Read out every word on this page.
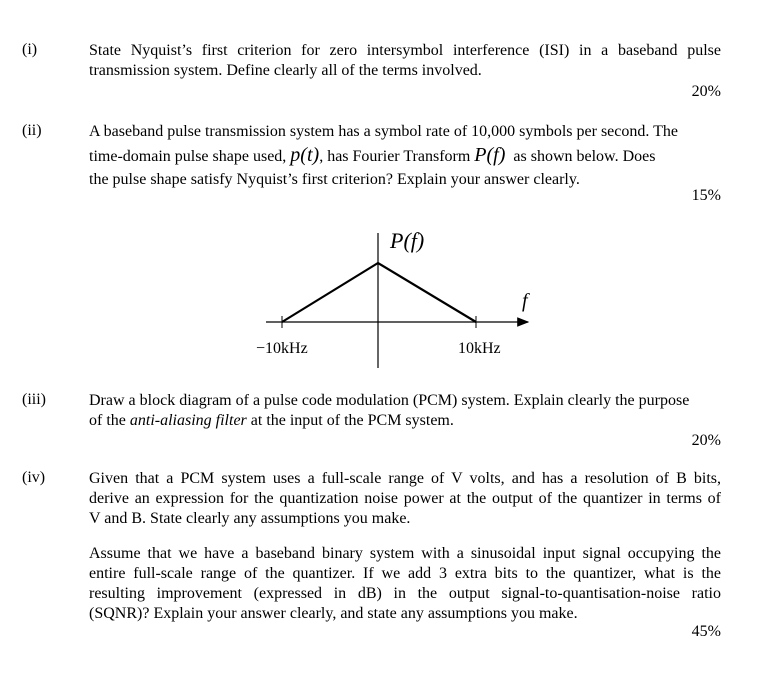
(i)	State Nyquist’s first criterion for zero intersymbol interference (ISI) in a baseband pulse
transmission system. Define clearly all of the terms involved.
20%
(ii)	A baseband pulse transmission system has a symbol rate of 10,000 symbols per second. The
time-domain pulse shape used, p(t), has Fourier Transform P(f) as shown below. Does
the pulse shape satisfy Nyquist’s first criterion? Explain your answer clearly.
15%
P(f)
f
−10kHz	10kHz
(iii)	Draw a block diagram of a pulse code modulation (PCM) system. Explain clearly the purpose
of the anti-aliasing filter at the input of the PCM system.
20%
(iv)	Given that a PCM system uses a full-scale range of V volts, and has a resolution of B bits,
derive an expression for the quantization noise power at the output of the quantizer in terms of
V and B. State clearly any assumptions you make.
Assume that we have a baseband binary system with a sinusoidal input signal occupying the
entire full-scale range of the quantizer. If we add 3 extra bits to the quantizer, what is the
resulting improvement (expressed in dB) in the output signal-to-quantisation-noise ratio
(SQNR)? Explain your answer clearly, and state any assumptions you make.
45%
